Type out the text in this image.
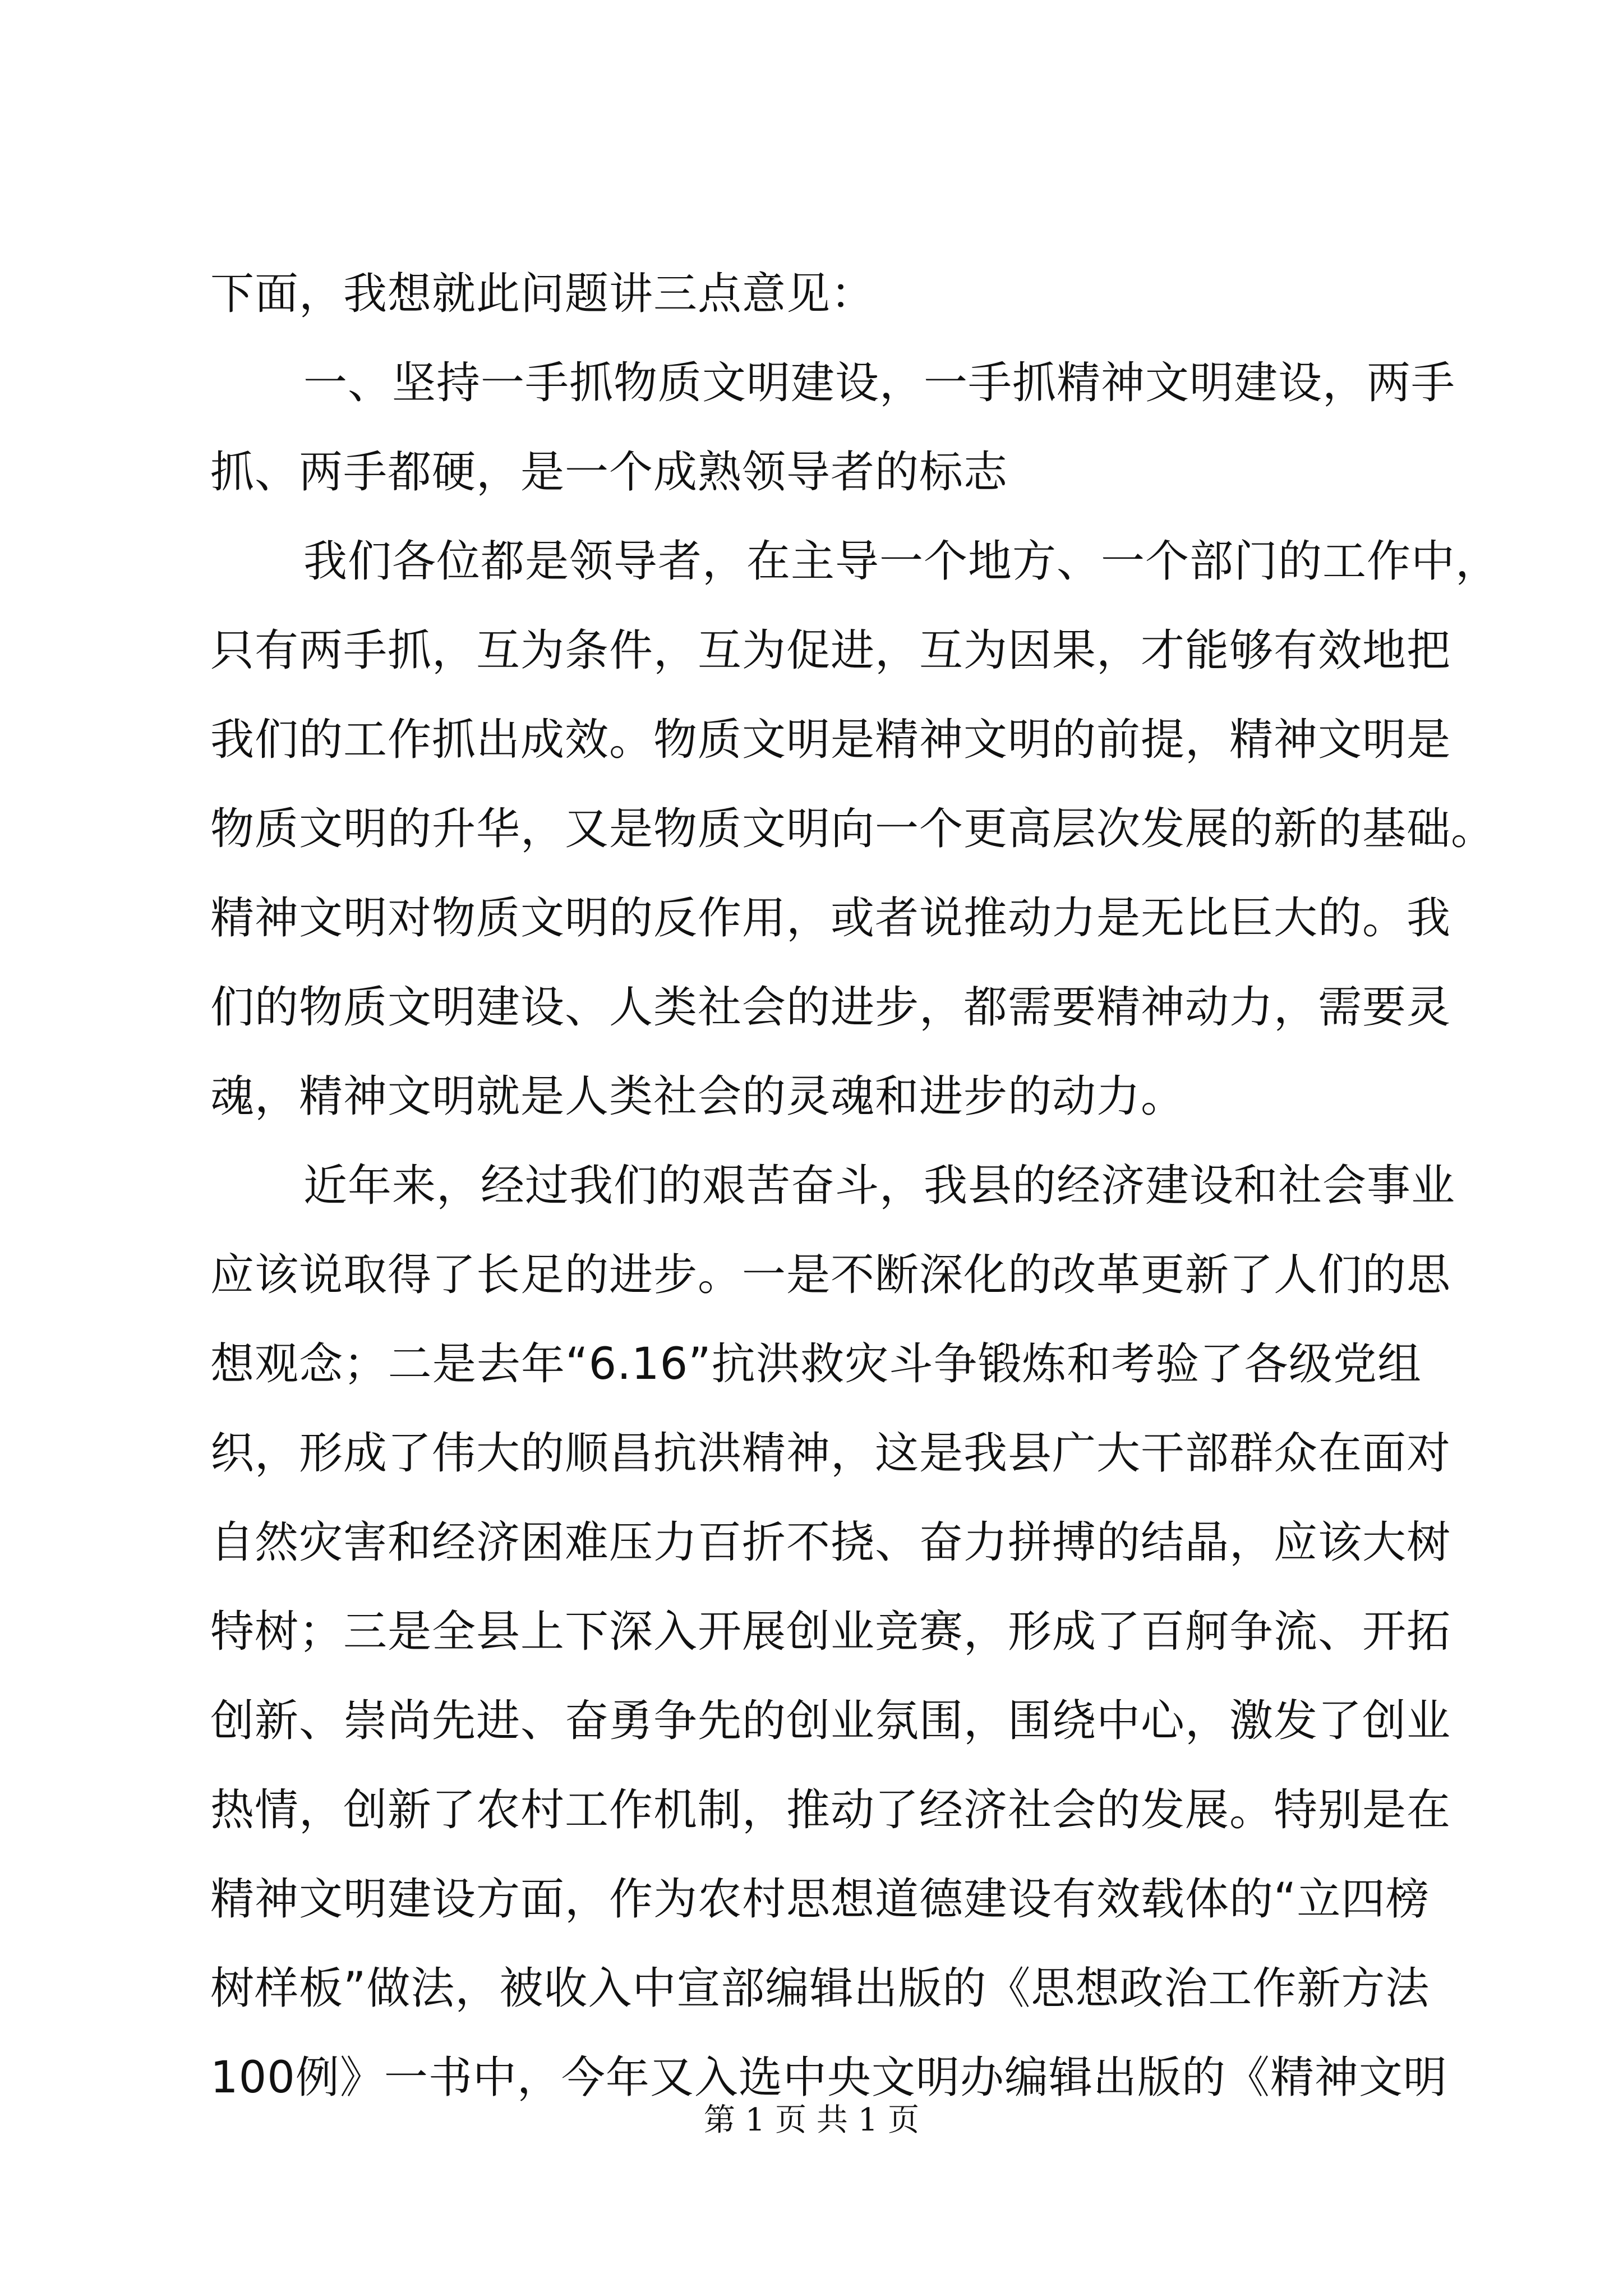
下面，我想就此问题讲三点意见：
一、坚持一手抓物质文明建设，一手抓精神文明建设，两手
抓、两手都硬，是一个成熟领导者的标志
我们各位都是领导者，在主导一个地方、一个部门的工作中，
只有两手抓，互为条件，互为促进，互为因果，才能够有效地把
我们的工作抓出成效。物质文明是精神文明的前提，精神文明是
物质文明的升华，又是物质文明向一个更高层次发展的新的基础。
精神文明对物质文明的反作用，或者说推动力是无比巨大的。我
们的物质文明建设、人类社会的进步，都需要精神动力，需要灵
魂，精神文明就是人类社会的灵魂和进步的动力。
近年来，经过我们的艰苦奋斗，我县的经济建设和社会事业
应该说取得了长足的进步。一是不断深化的改革更新了人们的思
想观念；二是去年“6.16”抗洪救灾斗争锻炼和考验了各级党组
织，形成了伟大的顺昌抗洪精神，这是我县广大干部群众在面对
自然灾害和经济困难压力百折不挠、奋力拼搏的结晶，应该大树
特树；三是全县上下深入开展创业竞赛，形成了百舸争流、开拓
创新、崇尚先进、奋勇争先的创业氛围，围绕中心，激发了创业
热情，创新了农村工作机制，推动了经济社会的发展。特别是在
精神文明建设方面，作为农村思想道德建设有效载体的“立四榜
树样板”做法，被收入中宣部编辑出版的《思想政治工作新方法
100例》一书中，今年又入选中央文明办编辑出版的《精神文明
第 1 页 共 1 页
